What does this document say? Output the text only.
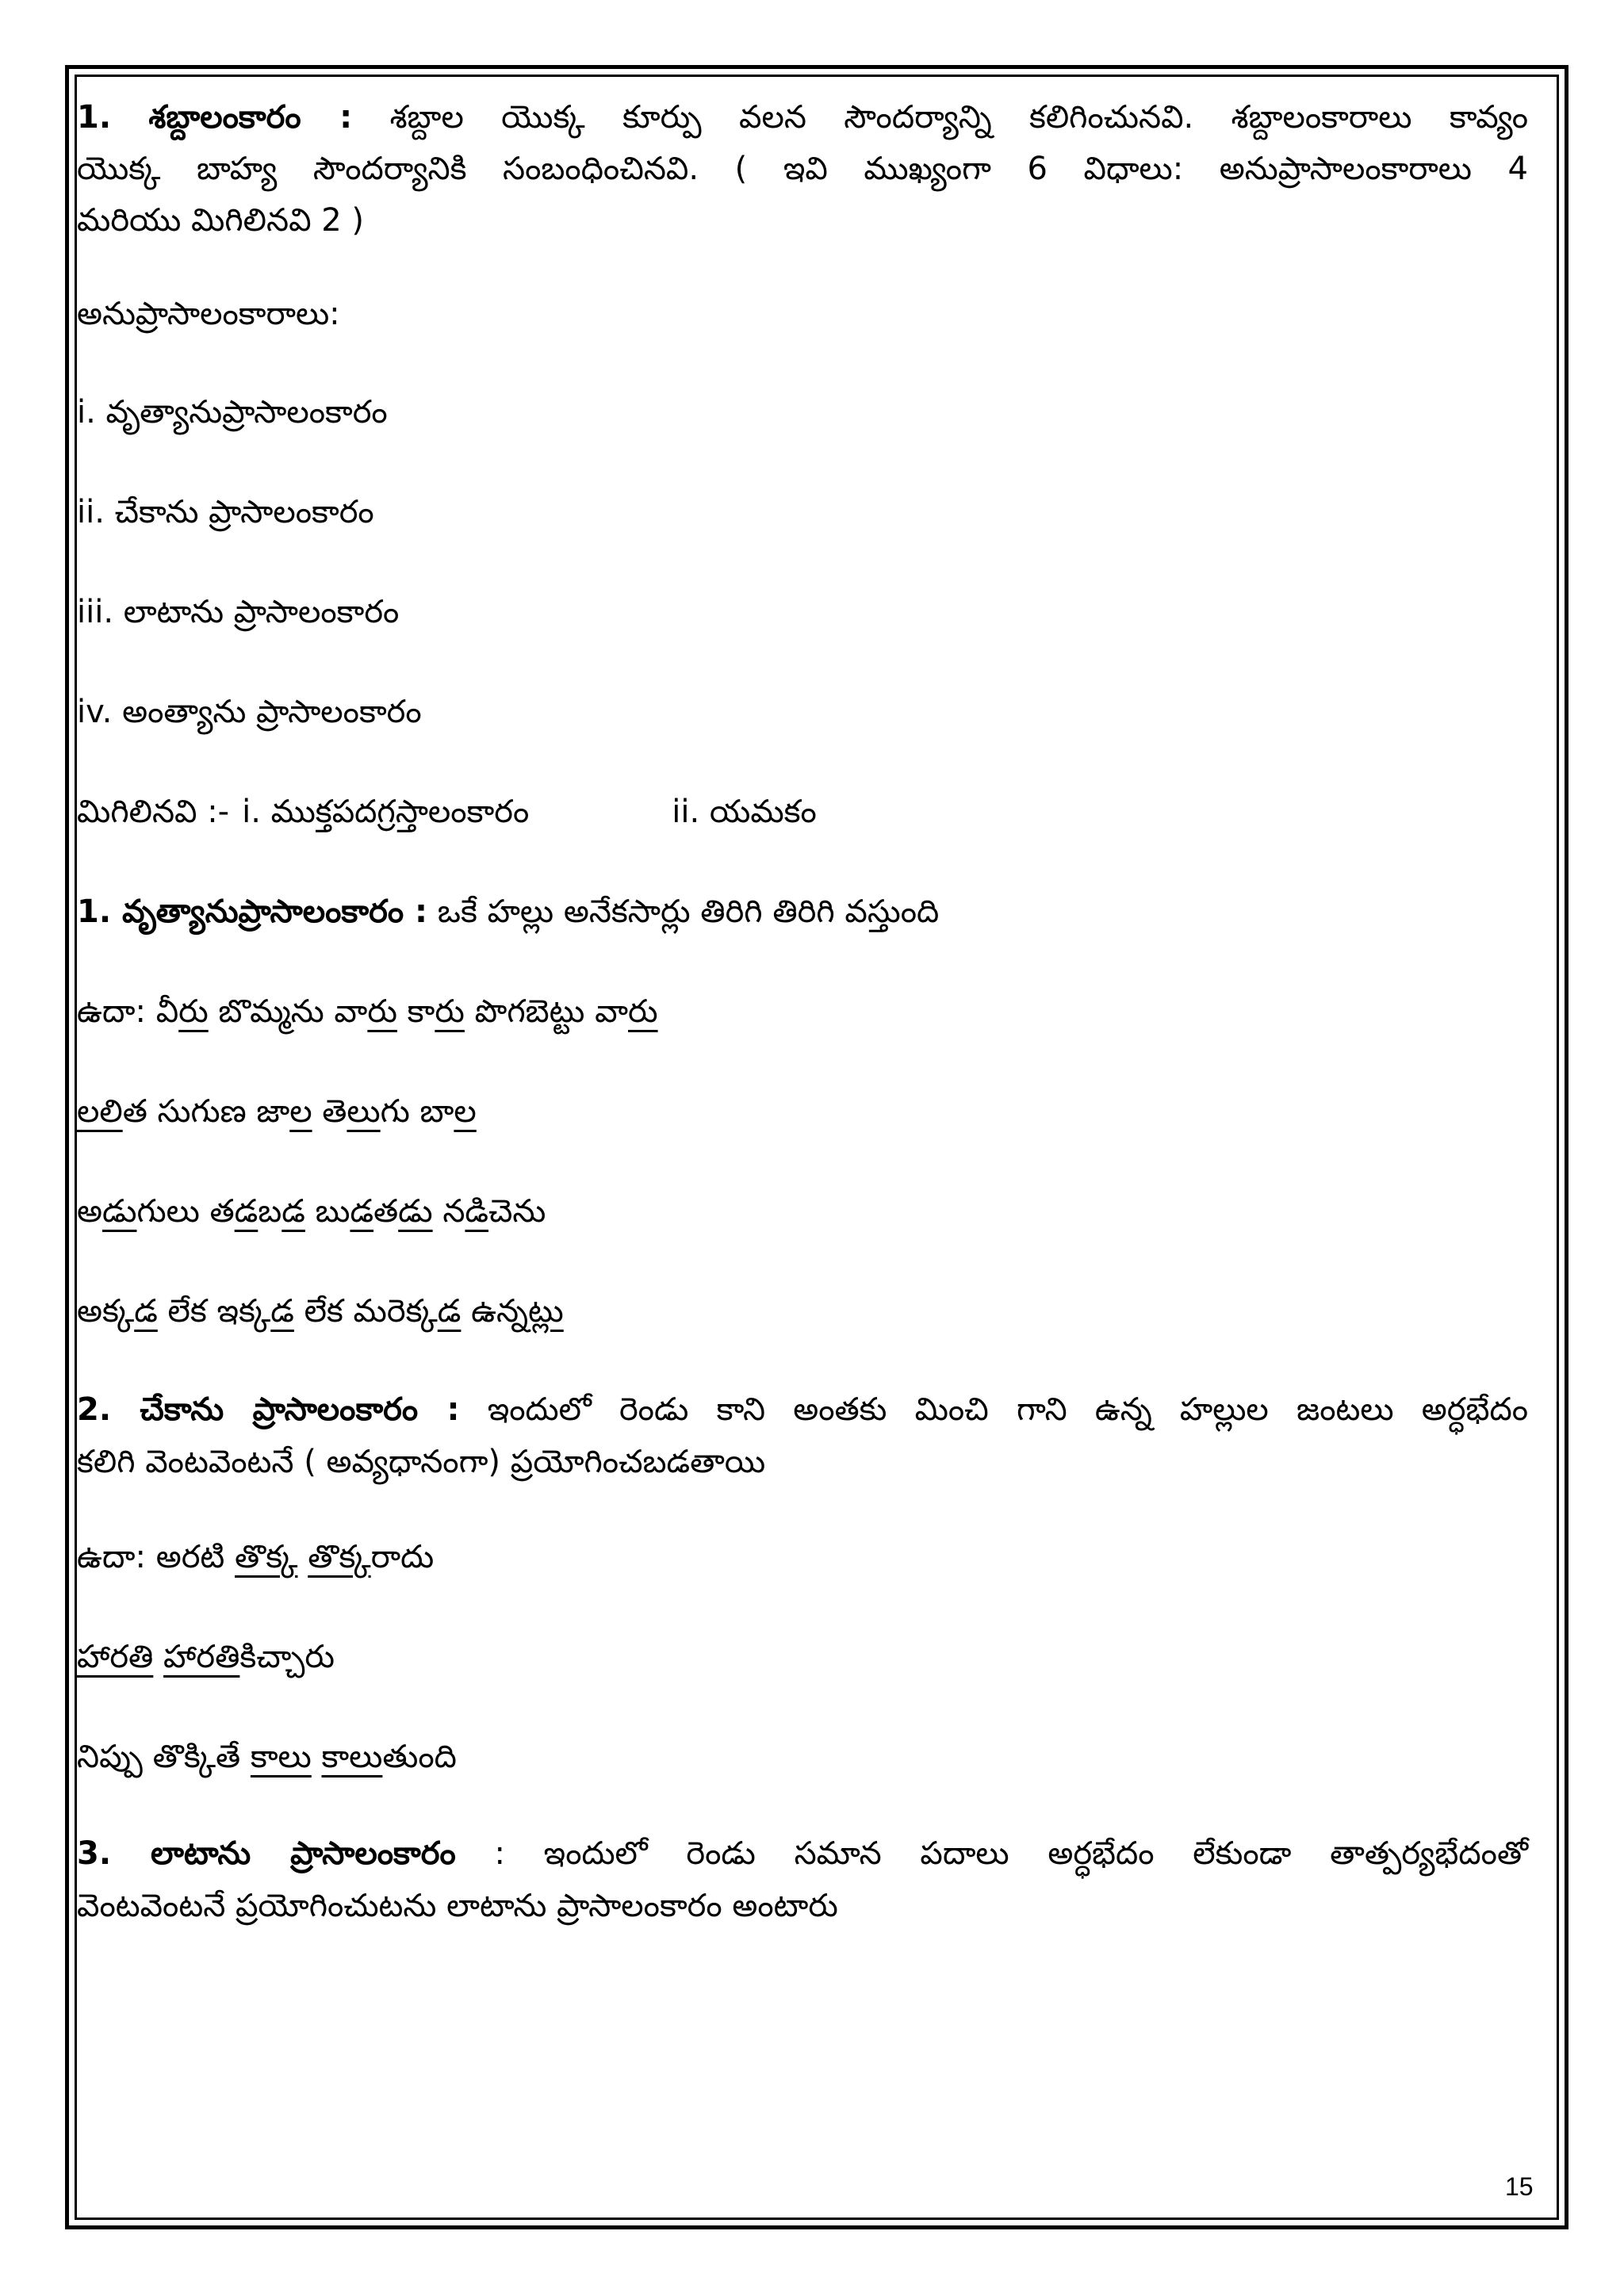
1. శబ్దాలంకారం : శబ్దాల యొక్క కూర్పు వలన సౌందర్యాన్ని కలిగించునవి. శబ్దాలంకారాలు కావ్యం
యొక్క బాహ్య సౌందర్యానికి సంబంధించినవి. ( ఇవి ముఖ్యంగా 6 విధాలు: అనుప్రాసాలంకారాలు 4
మరియు మిగిలినవి 2 )
అనుప్రాసాలంకారాలు:
i. వృత్యానుప్రాసాలంకారం
ii. చేకాను ప్రాసాలంకారం
iii. లాటాను ప్రాసాలంకారం
iv. అంత్యాను ప్రాసాలంకారం
మిగిలినవి :- i. ముక్తపదగ్రస్తాలంకారం	ii. యమకం
1. వృత్యానుప్రాసాలంకారం : ఒకే హల్లు అనేకసార్లు తిరిగి తిరిగి వస్తుంది
ఉదా: వీరు బొమ్మను వారు కారు పొగబెట్టు వారు
లలిత సుగుణ జాల తెలుగు బాల
అడుగులు తడబడ బుడతడు నడిచెను
అక్కడ లేక ఇక్కడ లేక మరెక్కడ ఉన్నట్లు
2. చేకాను ప్రాసాలంకారం : ఇందులో రెండు కాని అంతకు మించి గాని ఉన్న హల్లుల జంటలు అర్ధభేదం
కలిగి వెంటవెంటనే ( అవ్యధానంగా) ప్రయోగించబడతాయి
ఉదా: అరటి తొక్క తొక్కరాదు
హారతి హారతికిచ్చారు
నిప్పు తొక్కితే కాలు కాలుతుంది
3. లాటాను ప్రాసాలంకారం : ఇందులో రెండు సమాన పదాలు అర్ధభేదం లేకుండా తాత్పర్యభేదంతో
వెంటవెంటనే ప్రయోగించుటను లాటాను ప్రాసాలంకారం అంటారు
15
